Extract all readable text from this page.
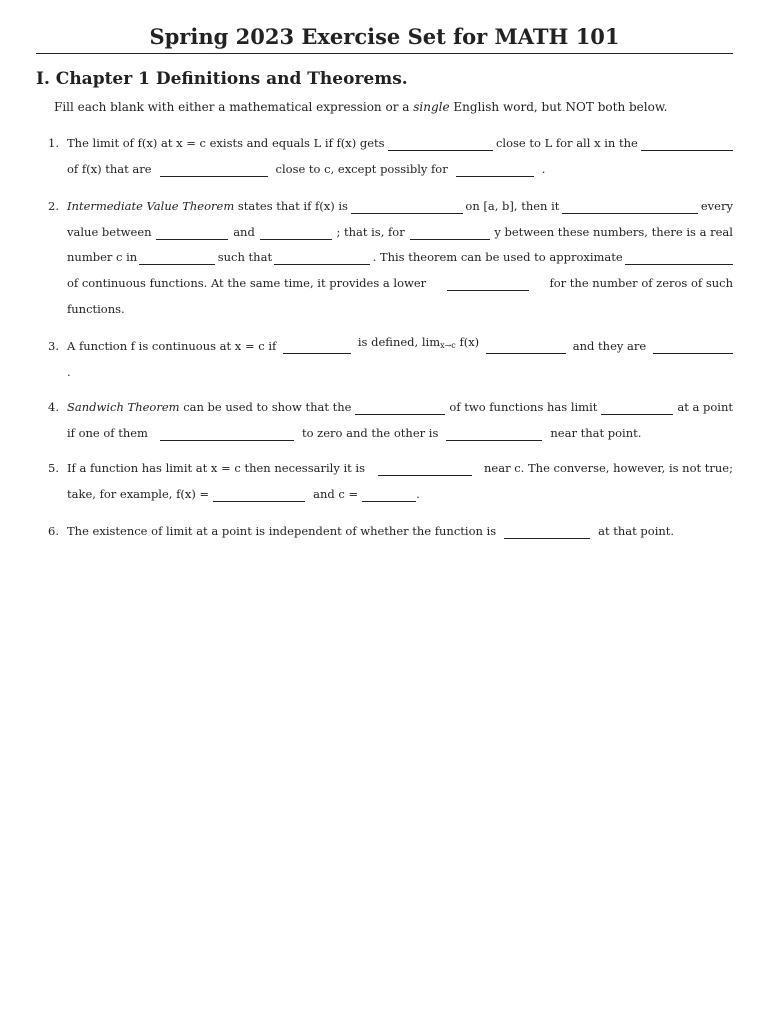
Spring 2023 Exercise Set for MATH 101
I. Chapter 1 Definitions and Theorems.
Fill each blank with either a mathematical expression or a single English word, but NOT both below.
1. The limit of f(x) at x = c exists and equals L if f(x) gets	close to L for all x in the
of f(x) that are	close to c, except possibly for	.
2. Intermediate Value Theorem states that if f(x) is	on [a, b], then it	every
value between	and	; that is, for	y between these numbers, there is a real
number c in	such that	. This theorem can be used to approximate
of continuous functions. At the same time, it provides a lower	for the number of zeros of such
functions.
3. A function f is continuous at x = c if	is defined, $\lim_{x\to c} f(x)$	and they are
.
4. Sandwich Theorem can be used to show that the	of two functions has limit	at a point
if one of them	to zero and the other is	near that point.
5. If a function has limit at x = c then necessarily it is	near c. The converse, however, is not true;
take, for example, f(x) =	and c =	.
6. The existence of limit at a point is independent of whether the function is	at that point.
